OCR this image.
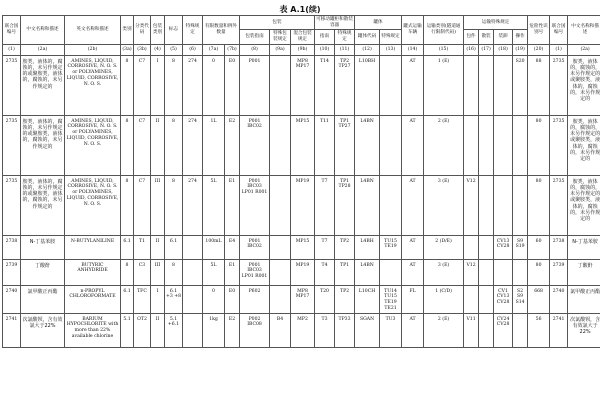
表 A.1(续)
联合国编号	中文名称和描述	英文名称和描述	类别	分类代码	包装类别	标志	特殊规定	有限数量和例外数量		包装			可移动罐柜和散装容器		罐体		罐式运输车辆	运输类别(隧道通行限制代码)	运输特殊规定				危险性识别号	联合国编号	中文名称和描述
										包装指南	特殊包装规定	混合包装规定	指南	特殊规定	罐体代码	特殊规定			包件	散装	装卸	操作			
(1)	(2a)	(2b)	(3a)	(3b)	(4)	(5)	(6)	(7a)	(7b)	(8)	(9a)	(9b)	(10)	(11)	(12)	(13)	(14)	(15)	(16)	(17)	(18)	(19)	(20)	(1)	(2a)
2735	胺类，液体的，腐蚀的，未另作规定的或聚胺类，液体的，腐蚀的，未另作规定的	AMINES, LIQUID, CORROSIVE, N. O. S. or POLYAMINES, LIQUID, CORROSIVE, N. O. S.	8	C7	I	8	274	0	E0	P001		MP8 MP17	T14	TP2 TP27	L10BH		AT	1 (E)				S20	88	2735	胺类，液体的，腐蚀的，未另作规定的或聚胺类，液体的，腐蚀的，未另作规定的
2735	胺类，液体的，腐蚀的，未另作规定的或聚胺类，液体的，腐蚀的，未另作规定的	AMINES, LIQUID, CORROSIVE, N. O. S. or POLYAMINES, LIQUID, CORROSIVE, N. O. S.	8	C7	II	8	274	1L	E2	P001 IBC02		MP15	T11	TP1 TP27	L4BN		AT	2 (E)					80	2735	胺类，液体的，腐蚀的，未另作规定的或聚胺类，液体的，腐蚀的，未另作规定的
2735	胺类，液体的，腐蚀的，未另作规定的或聚胺类，液体的，腐蚀的，未另作规定的	AMINES, LIQUID, CORROSIVE, N. O. S. or POLYAMINES, LIQUID, CORROSIVE, N. O. S.	8	C7	III	8	274	5L	E1	P001 IBC03 LP01 R001		MP19	T7	TP1 TP28	L4BN		AT	3 (E)	V12				80	2735	胺类，液体的，腐蚀的，未另作规定的或聚胺类，液体的，腐蚀的，未另作规定的
2738	N-丁基苯胺	N-BUTYLANILINE	6.1	T1	II	6.1		100mL	E4	P001 IBC02		MP15	T7	TP2	L4BH	TU15 TE19	AT	2 (D/E)			CV13 CV28	S9 S19	60	2738	N-丁基苯胺
2739	丁酸酐	BUTYRIC ANHYDRIDE	8	C3	III	8		5L	E1	P001 IBC03 LP01 R001		MP19	T4	TP1	L4BN		AT	3 (E)	V12				80	2739	丁酸酐
2740	氯甲酸正丙酯	n-PROPYL CHLOROFORMATE	6.1	TFC	I	6.1 +3 +8		0	E0	P602		MP8 MP17	T20	TP2	L10CH	TU14 TU15 TE19 TE21	FL	1 (C/D)			CV1 CV13 CV28	S2 S9 S14	668	2740	氯甲酸正丙酯
2741	次氯酸钡，含有效氯大于22%	BARIUM HYPOCHLORITE with more than 22% available chlorine	5.1	OT2	II	5.1 +6.1		1kg	E2	P002 IBC08	B4	MP2	T3	TP33	SGAN	TU3	AT	2 (E)	V11		CV24 CV28		56	2741	次氯酸钡，含有效氯大于22%
